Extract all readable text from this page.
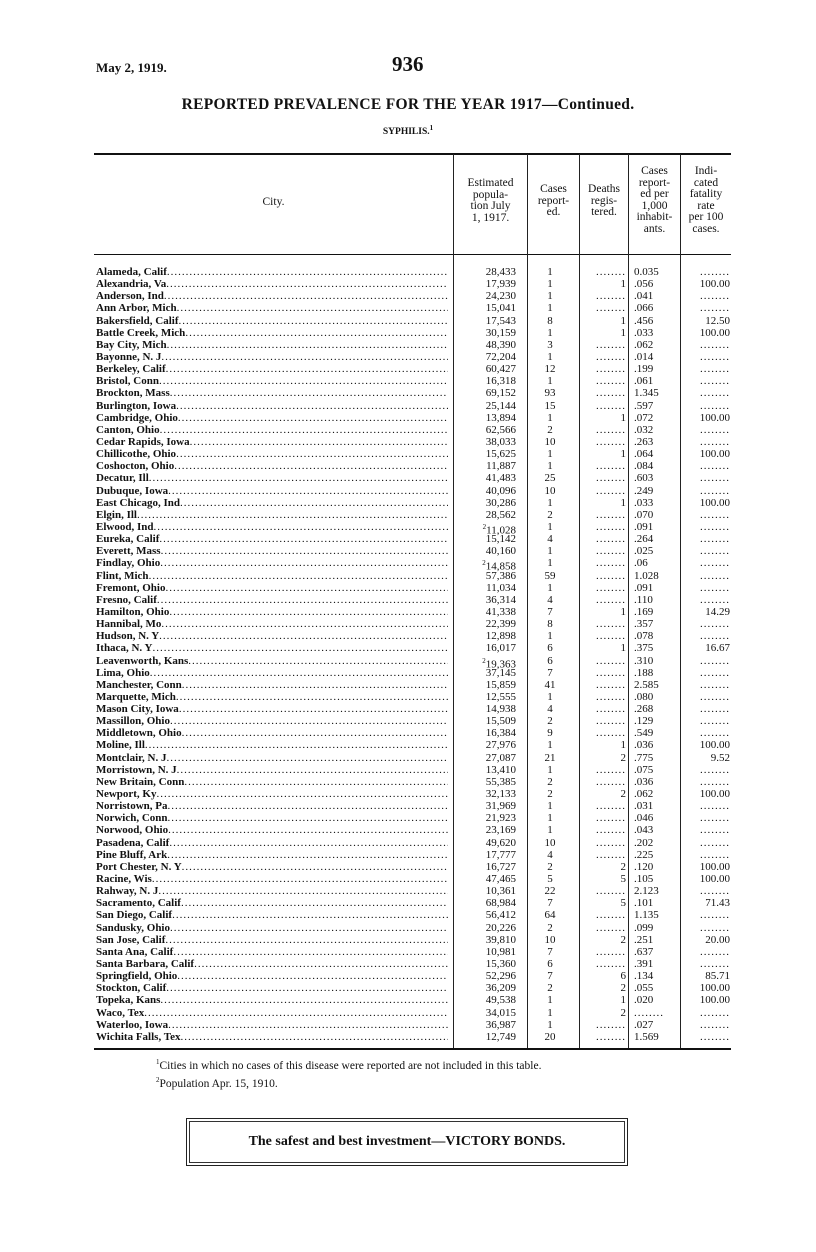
May 2, 1919.	936
REPORTED PREVALENCE FOR THE YEAR 1917—Continued.
SYPHILIS.$^1$
City.
Estimated
popula-
tion July
1, 1917.
Cases
report-
ed.
Deaths
regis-
tered.
Cases
report-
ed per
1,000
inhabit-
ants.
Indi-
cated
fatality
rate
per 100
cases.
Alameda, Calif .....	28,433	1	........ 0.035	........
Alexandria, Va .....	17,939	1	1 .056	100.00
Anderson, Ind .....	24,230	1	........ .041	........
Ann Arbor, Mich .....	15,041	1	........ .066	........
Bakersfield, Calif .....	17,543	8	1 .456	12.50
Battle Creek, Mich .....	30,159	1	1 .033	100.00
Bay City, Mich .....	48,390	3	........ .062	........
Bayonne, N. J .....	72,204	1	........ .014	........
Berkeley, Calif .....	60,427	12	........ .199	........
Bristol, Conn .....	16,318	1	........ .061	........
Brockton, Mass .....	69,152	93	........ 1.345	........
Burlington, Iowa .....	25,144	15	........ .597	........
Cambridge, Ohio .....	13,894	1	1 .072	100.00
Canton, Ohio .....	62,566	2	........ .032	........
Cedar Rapids, Iowa .....	38,033	10	........ .263	........
Chillicothe, Ohio .....	15,625	1	1 .064	100.00
Coshocton, Ohio .....	11,887	1	........ .084	........
Decatur, Ill .....	41,483	25	........ .603	........
Dubuque, Iowa .....	40,096	10	........ .249	........
East Chicago, Ind .....	30,286	1	1 .033	100.00
Elgin, Ill .....	28,562	2	........ .070	........
Elwood, Ind .....	$^2$11,028	1	........ .091	........
Eureka, Calif .....	15,142	4	........ .264	........
Everett, Mass .....	40,160	1	........ .025	........
Findlay, Ohio .....	$^2$14,858	1	........ .06	........
Flint, Mich .....	57,386	59	........ 1.028	........
Fremont, Ohio .....	11,034	1	........ .091	........
Fresno, Calif .....	36,314	4	........ .110	........
Hamilton, Ohio .....	41,338	7	1 .169	14.29
Hannibal, Mo .....	22,399	8	........ .357	........
Hudson, N. Y .....	12,898	1	........ .078	........
Ithaca, N. Y .....	16,017	6	1 .375	16.67
Leavenworth, Kans .....	$^2$19,363	6	........ .310	........
Lima, Ohio .....	37,145	7	........ .188	........
Manchester, Conn .....	15,859	41	........ 2.585	........
Marquette, Mich .....	12,555	1	........ .080	........
Mason City, Iowa .....	14,938	4	........ .268	........
Massillon, Ohio .....	15,509	2	........ .129	........
Middletown, Ohio .....	16,384	9	........ .549	........
Moline, Ill .....	27,976	1	1 .036	100.00
Montclair, N. J .....	27,087	21	2 .775	9.52
Morristown, N. J .....	13,410	1	........ .075	........
New Britain, Conn .....	55,385	2	........ .036	........
Newport, Ky .....	32,133	2	2 .062	100.00
Norristown, Pa .....	31,969	1	........ .031	........
Norwich, Conn .....	21,923	1	........ .046	........
Norwood, Ohio .....	23,169	1	........ .043	........
Pasadena, Calif .....	49,620	10	........ .202	........
Pine Bluff, Ark .....	17,777	4	........ .225	........
Port Chester, N. Y .....	16,727	2	2 .120	100.00
Racine, Wis .....	47,465	5	5 .105	100.00
Rahway, N. J .....	10,361	22	........ 2.123	........
Sacramento, Calif .....	68,984	7	5 .101	71.43
San Diego, Calif .....	56,412	64	........ 1.135	........
Sandusky, Ohio .....	20,226	2	........ .099	........
San Jose, Calif .....	39,810	10	2 .251	20.00
Santa Ana, Calif .....	10,981	7	........ .637	........
Santa Barbara, Calif .....	15,360	6	........ .391	........
Springfield, Ohio .....	52,296	7	6 .134	85.71
Stockton, Calif .....	36,209	2	2 .055	100.00
Topeka, Kans .....	49,538	1	1 .020	100.00
Waco, Tex .....	34,015	1	2 ........	........
Waterloo, Iowa .....	36,987	1	........ .027	........
Wichita Falls, Tex .....	12,749	20	........ 1.569	........
$^1$Cities in which no cases of this disease were reported are not included in this table.
$^2$Population Apr. 15, 1910.
The safest and best investment—VICTORY BONDS.
